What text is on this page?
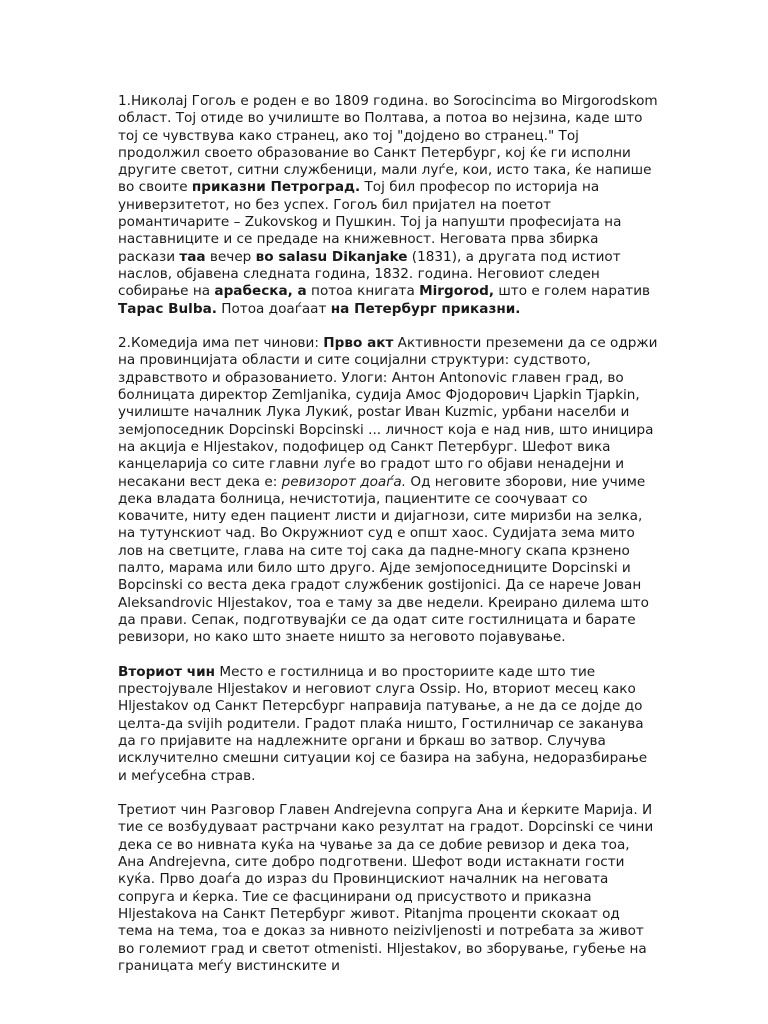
1.Николај Гогољ е роден е во 1809 година. во Sorocincima во Mirgorodskom област. Тој отиде во училиште во Полтава, а потоа во нејзина, каде што тој се чувствува како странец, ако тој "дојдено во странец." Тој продолжил своето образование во Санкт Петербург, кој ќе ги исполни другите светот, ситни службеници, мали луѓе, кои, исто така, ќе напише во своите приказни Петроград. Тој бил професор по историја на универзитетот, но без успех. Гогољ бил пријател на поетот романтичарите – Zukovskog и Пушкин. Тој ја напушти професијата на наставниците и се предаде на книжевност. Неговата прва збирка раскази таа вечер во salasu Dikanjake (1831), а другата под истиот наслов, објавена следната година, 1832. година. Неговиот следен собирање на арабеска, а потоа книгата Mirgorod, што е голем наратив Тарас Bulba. Потоа доаѓаат на Петербург приказни.

2.Комедија има пет чинови: Прво акт Активности преземени да се одржи на провинцијата области и сите социјални структури: судството, здравството и образованието. Улоги: Антон Antonovic главен град, во болницата директор Zemljanika, судија Амос Фјодорович Ljapkin Tjapkin, училиште началник Лука Лукиќ, postar Иван Kuzmic, урбани населби и земјопоседник Dopcinski Bopcinski ... личност која е над нив, што иницира на акција е Hljestakov, подофицер од Санкт Петербург. Шефот вика канцеларија со сите главни луѓе во градот што го објави ненадејни и несакани вест дека е: ревизорот доаѓа. Од неговите зборови, ние учиме дека владата болница, нечистотија, пациентите се соочуваат со ковачите, ниту еден пациент листи и дијагнози, сите миризби на зелка, на тутунскиот чад. Во Окружниот суд е општ хаос. Судијата зема мито лов на светците, глава на сите тој сака да падне-многу скапа крзнено палто, марама или било што друго. Ајде земјопоседниците Dopcinski и Bopcinski со веста дека градот службеник gostijonici. Да се нарече Jован Aleksandrovic Hljestakov, тоа е таму за две недели. Креирано дилема што да прави. Сепак, подготвувајќи се да одат сите гостилницата и барате ревизори, но како што знаете ништо за неговото појавување.

Вториот чин Место е гостилница и во просториите каде што тие престојувале Hljestakov и неговиот слуга Ossip. Но, вториот месец како Hljestakov од Санкт Петерсбург направија патување, а не да се дојде до целта-да svijih родители. Градот плаќа ништо, Гостилничар се заканува да го пријавите на надлежните органи и бркаш во затвор. Случува исклучително смешни ситуации кој се базира на забуна, недоразбирање и меѓусебна страв.

Третиот чин Разговор Главен Andrejevna сопруга Ана и ќерките Марија. И тие се возбудуваат растрчани како резултат на градот. Dopcinski се чини дека се во нивната куќа на чување за да се добие ревизор и дека тоа, Ана Andrejevna, сите добро подготвени. Шефот води истакнати гости куќа. Прво доаѓа до израз du Провинцискиот началник на неговата сопруга и ќерка. Тие се фасцинирани од присуството и приказна Hljestakova на Санкт Петербург живот. Pitanjma проценти скокаат од тема на тема, тоа е доказ за нивното neizivljenosti и потребата за живот во големиот град и светот otmenisti. Hljestakov, во зборување, губење на границата меѓу вистинските и
